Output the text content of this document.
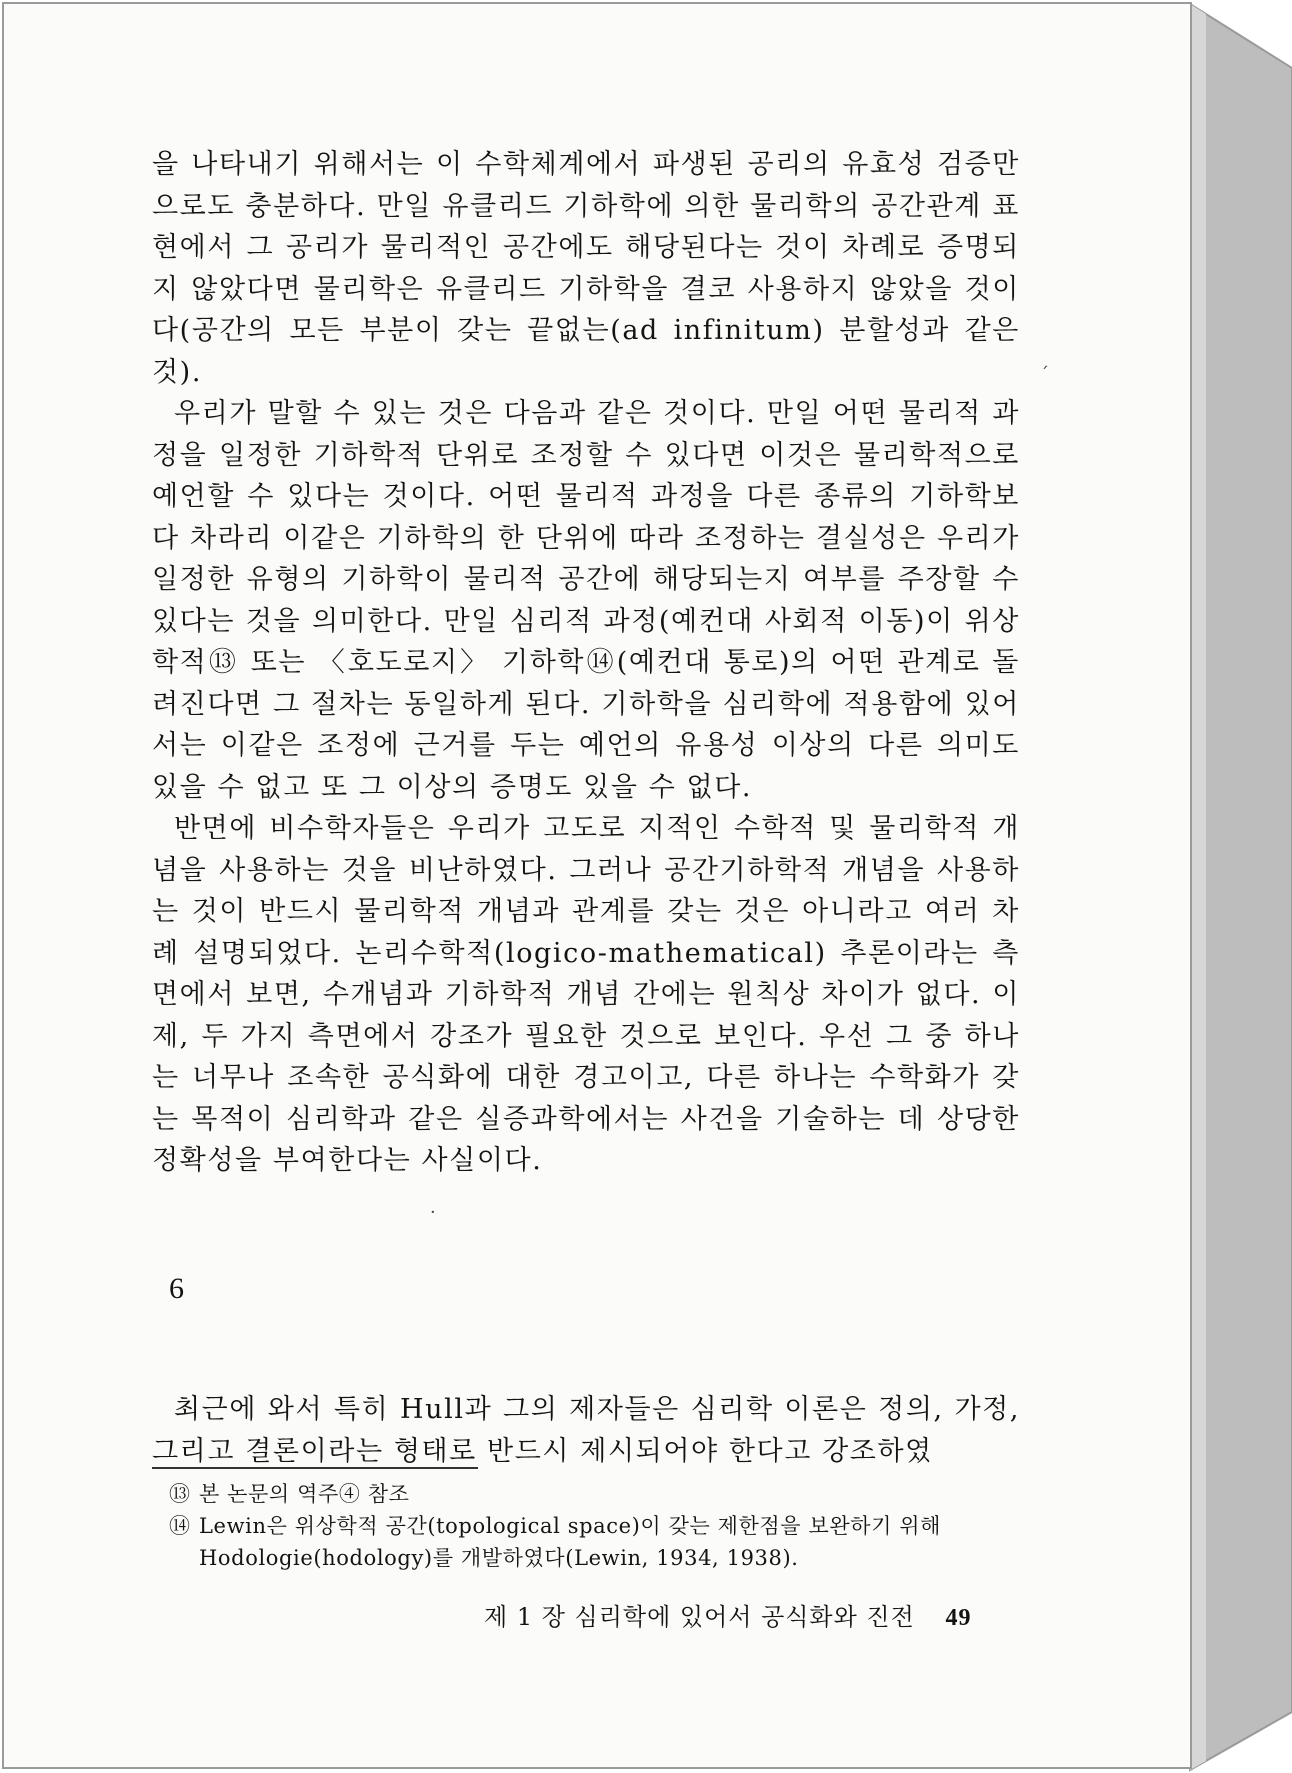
을 나타내기 위해서는 이 수학체계에서 파생된 공리의 유효성 검증만으로도 충분하다. 만일 유클리드 기하학에 의한 물리학의 공간관계 표현에서 그 공리가 물리적인 공간에도 해당된다는 것이 차례로 증명되지 않았다면 물리학은 유클리드 기하학을 결코 사용하지 않았을 것이다(공간의 모든 부분이 갖는 끝없는(ad infinitum) 분할성과 같은 것).

우리가 말할 수 있는 것은 다음과 같은 것이다. 만일 어떤 물리적 과정을 일정한 기하학적 단위로 조정할 수 있다면 이것은 물리학적으로 예언할 수 있다는 것이다. 어떤 물리적 과정을 다른 종류의 기하학보다 차라리 이같은 기하학의 한 단위에 따라 조정하는 결실성은 우리가 일정한 유형의 기하학이 물리적 공간에 해당되는지 여부를 주장할 수 있다는 것을 의미한다. 만일 심리적 과정(예컨대 사회적 이동)이 위상학적⑬ 또는 〈호도로지〉 기하학⑭(예컨대 통로)의 어떤 관계로 돌려진다면 그 절차는 동일하게 된다. 기하학을 심리학에 적용함에 있어서는 이같은 조정에 근거를 두는 예언의 유용성 이상의 다른 의미도 있을 수 없고 또 그 이상의 증명도 있을 수 없다.

반면에 비수학자들은 우리가 고도로 지적인 수학적 및 물리학적 개념을 사용하는 것을 비난하였다. 그러나 공간기하학적 개념을 사용하는 것이 반드시 물리학적 개념과 관계를 갖는 것은 아니라고 여러 차례 설명되었다. 논리수학적(logico-mathematical) 추론이라는 측면에서 보면, 수개념과 기하학적 개념 간에는 원칙상 차이가 없다. 이제, 두 가지 측면에서 강조가 필요한 것으로 보인다. 우선 그 중 하나는 너무나 조속한 공식화에 대한 경고이고, 다른 하나는 수학화가 갖는 목적이 심리학과 같은 실증과학에서는 사건을 기술하는 데 상당한 정확성을 부여한다는 사실이다.

6

최근에 와서 특히 Hull과 그의 제자들은 심리학 이론은 정의, 가정, 그리고 결론이라는 형태로 반드시 제시되어야 한다고 강조하였

⑬ 본 논문의 역주④ 참조
⑭ Lewin은 위상학적 공간(topological space)이 갖는 제한점을 보완하기 위해 Hodologie(hodology)를 개발하였다(Lewin, 1934, 1938).
제 1 장 심리학에 있어서 공식화와 진전 49
ˊ
·
